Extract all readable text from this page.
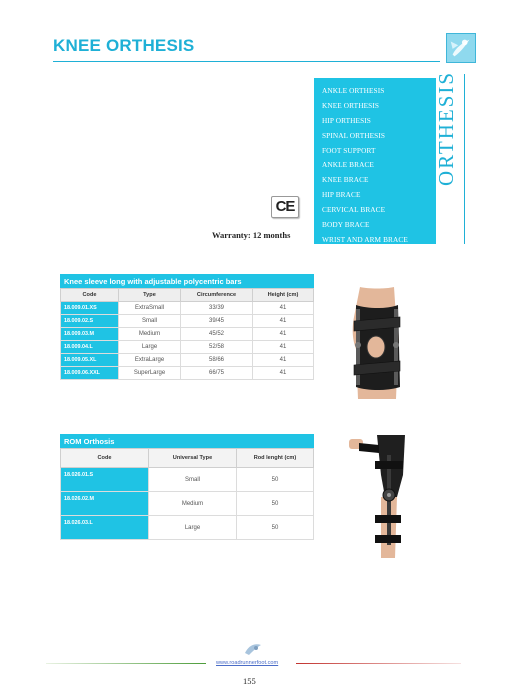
KNEE ORTHESIS
ANKLE ORTHESIS
KNEE ORTHESIS
HIP ORTHESIS
SPINAL ORTHESIS
FOOT SUPPORT
ANKLE BRACE
KNEE BRACE
HIP BRACE
CERVICAL BRACE
BODY BRACE
WRIST AND ARM BRACE
ORTHESIS
CE
Warranty: 12 months
Knee sleeve long with adjustable polycentric bars
Code	Type	Circumference	Height (cm)
18.009.01.XS	ExtraSmall	33/39	41
18.009.02.S	Small	39/45	41
18.009.03.M	Medium	45/52	41
18.009.04.L	Large	52/58	41
18.009.05.XL	ExtraLarge	58/66	41
18.009.06.XXL	SuperLarge	66/75	41
ROM Orthosis
Code	Universal Type	Rod lenght (cm)
18.026.01.S	Small	50
18.026.02.M	Medium	50
18.026.03.L	Large	50
www.roadrunnerfoot.com
155
